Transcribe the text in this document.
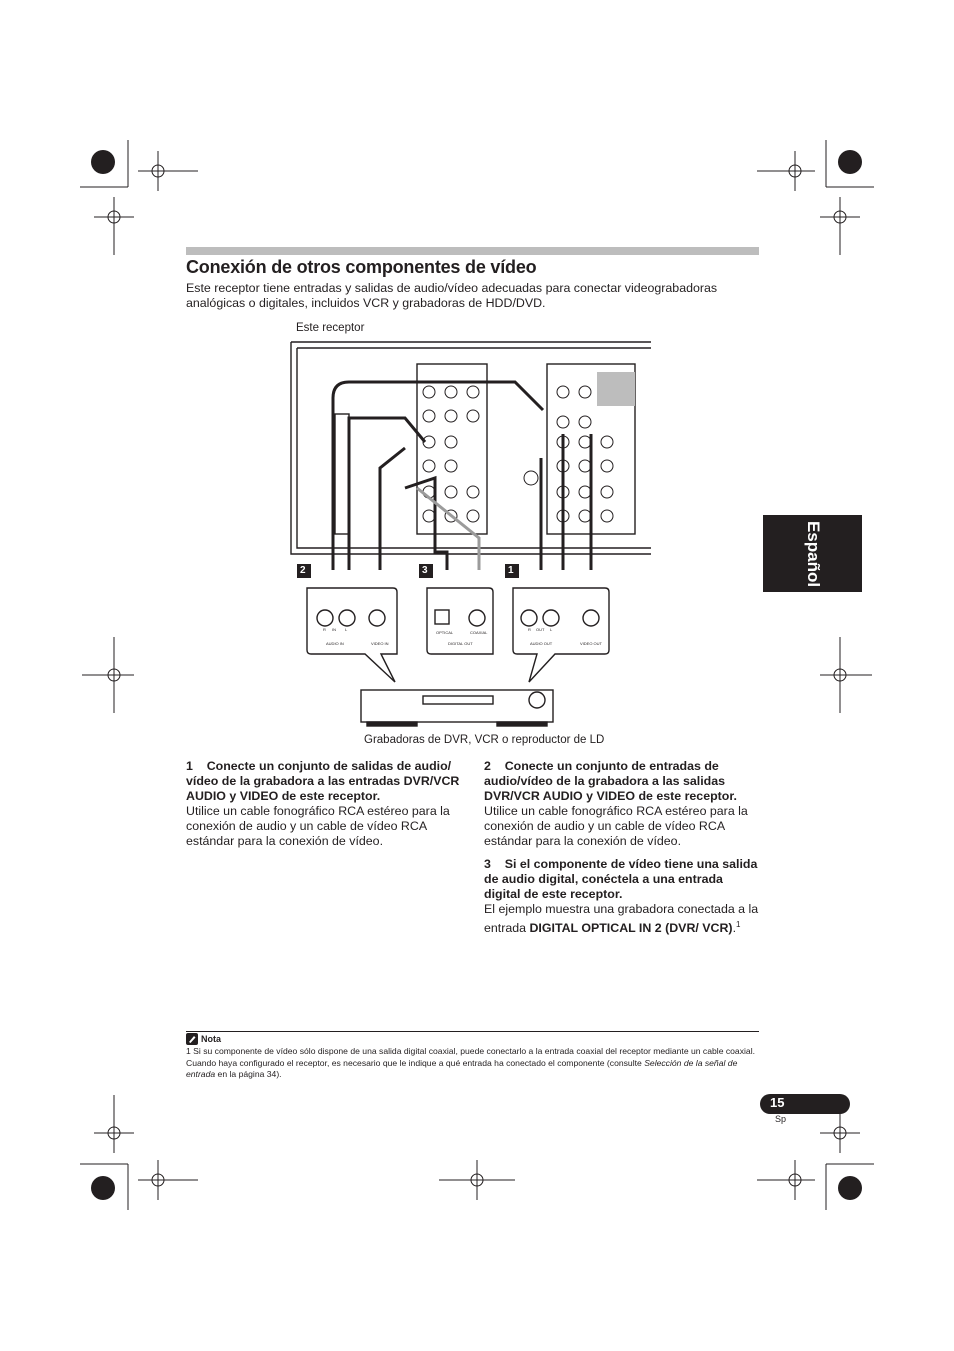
Conexión de otros componentes de vídeo
Este receptor tiene entradas y salidas de audio/vídeo adecuadas para conectar videograbadoras analógicas o digitales, incluidos VCR y grabadoras de HDD/DVD.
Este receptor
AUDIO IN	VIDEO IN
OPTICAL	COAXIAL
DIGITAL OUT	AUDIO OUT	VIDEO OUT
R IN L	R OUT L
2	3	1
Grabadoras de DVR, VCR o reproductor de LD
Español

1 Conecte un conjunto de salidas de audio/ vídeo de la grabadora a las entradas DVR/VCR AUDIO y VIDEO de este receptor.

Utilice un cable fonográfico RCA estéreo para la conexión de audio y un cable de vídeo RCA estándar para la conexión de vídeo.

2 Conecte un conjunto de entradas de audio/vídeo de la grabadora a las salidas DVR/VCR AUDIO y VIDEO de este receptor.

Utilice un cable fonográfico RCA estéreo para la conexión de audio y un cable de vídeo RCA estándar para la conexión de vídeo.

3 Si el componente de vídeo tiene una salida de audio digital, conéctela a una entrada digital de este receptor.

El ejemplo muestra una grabadora conectada a la entrada DIGITAL OPTICAL IN 2 (DVR/ VCR).$^1$

Nota
1 Si su componente de vídeo sólo dispone de una salida digital coaxial, puede conectarlo a la entrada coaxial del receptor mediante un cable coaxial. Cuando haya configurado el receptor, es necesario que le indique a qué entrada ha conectado el componente (consulte Selección de la señal de entrada en la página 34).
15
Sp
